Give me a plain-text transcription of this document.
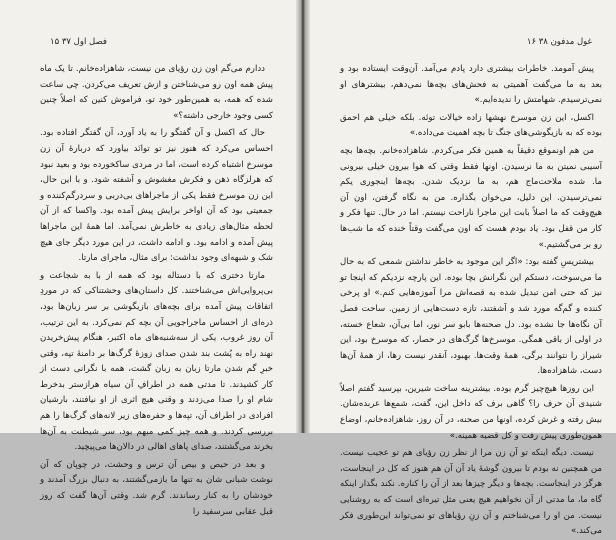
فصل اول ۳۷ ۱۵

ددارم می‌گم اون زن رؤیای من نیست، شاهزاده‌خانم. تا یک ماه پیش همه اون رو می‌شناختن و ازش تعریف می‌کردن. چی ساعت شده که همه، به همین‌طور خود تو، فراموش کنین که اصلاً چنین کسی وجود خارجی داشته؟»

حال که اکسل و آن گفتگو را به یاد آورد، آن گفتگر افتاده بود. احساس می‌کرد که هنوز نیز تو توانَد بیاورد که دربارهٔ آن زن موسرخ اشتباه کرده است، اما در مردی ساکخورده بود و بعید نبود که هرلزگاه ذهن و فکرش مغشوش و آشفته شود. و با این حال، این زن موسرخ فقط یکی از ماجراهای بی‌دربی و سردرگم‌کننده و جمعیتی بود که آن اواخر برایش پیش آمده بود. واکسا که از آن لحظه مثال‌های زیادی به خاطرش نمی‌آمد. اما همهٔ این ماجراها پیش آمده و ادامه بود. و ادامه داشت، در این مورد دیگر جای هیچ شک و شبهه‌ای وجود نداشت: برای مثال، ماجرای مارتا.

مارتا دختری که با دستاله بود که همه از با به شجاعت و بی‌پروایی‌اش می‌شناختند. کل داستان‌های وحشتناکی که در موردِ اتفاقات پیش آمده برای بچه‌های بازیگوشی بر سر زبان‌ها بود، ذره‌ای از احساس ماجراجویی آن بچه کم نمی‌کرد. به این ترتیب، آن روز غروب، یکی از سه‌شنبه‌های ماه اکتبر، هنگام پیش‌خریدن نهند راه به پُشت بند شدن صدای زوزهٔ گرگ‌ها بر دامنهٔ تپه، وقتی خبرِ گم شدن مارتا زبان به زبان گشت، همه با نگرانی دست از کار کشیدند. تا مدتی همه در اطرافِ آن سیاه هرازستر بدخرط شام او را صدا می‌زدند و وقتی هیچ اثری از او نیافتند، بارشیان افرادی در اطراف آن، تپه‌ها و حفره‌های زیر لانه‌های گرگ‌ها را هم بررسی کردند. و همه چیز کمی مبهم بود، سر شیطنت به آن‌ها بخرند می‌گشتند، صدای پاهای اهالی در دالان‌ها می‌پیچید.

و بعد در حیص و بیص آن ترس و وحشت، در چوپان که آن نوشت شبانی شان به تنها ما بازمی‌گشتند، به دنبال بزرگ آمدند و خودشان را به کنار رساندند. گرم شد. وقتی آن‌ها گفت که روز قبل عقابی سرسفید را

۱۶ ۳۸ غول مدفون

پیش آمومد. خاطرات بیشتری دارد پادم می‌آمد. آن‌وقت ایستاده بود و بعد به ما می‌گفت آهمیتی به فحش‌های بچه‌ها نمی‌دهم، بیشترهای او نمی‌ترسیدم. شهامتش را ندیده‌ایم.»

اکسل، این زن موسرخ نهشها زاده خیالات توئه. بلکه خیلی هم احمق بوده که به بازیگوشی‌های جنگ تا بچه اهمیت می‌داده.»

من هم اونموقع دقیقاً به همین فکر می‌کردم. شاهزاده‌خانم. بچه‌ها بچه آسیبی نمیتن به ما نرسیدن. اونها فقط وقتی که هوا بیرون خیلی بیرونی ما. شده ملاحت‌ماج هم، به ما نزدیک شدن. بچه‌ها اینجوری یکم نمی‌ترسیدن. این دلیل، می‌خوان بگذاره. من به نگاه گرفتن، اون آن هیچ‌وقت که ما اصلاً بابت این ماجرا ناراحت نیستم. اما در حال. تنها فکر و کار من قفل بود. یاد بودم هست که اون می‌گفت وقتاً خنده که ما شب‌ها رو بر می‌گشتیم.»

بیشتریسِ گفته بود: «اگر این موجود به خاطر نداشتن شمعی که به حال ما می‌سوخت، دستکم این نگرانش بچا بوده. این پارچه نزدیکم که اینجا تو نیز که حتی امن تبدیل شده به قصه‌اش مرا آموزه‌هایی کنم.» او پرخی کننده و گم‌گه مورد شد و آشفتند، تازه دست‌هایی از زمین. ساحت فصل آن نگاه‌ها جا نشده بود. دل صحنه‌ها بابو سر نور، اما بی‌آن، شعاع خسته، در اولی از باقی همگی. موسرخ‌ها گرگ‌های در حصار، که موسرخ بود، این شیراز را نتوانند برگی، همهٔ وقت‌ها. بهبود، آنقدر نیست رها، از همهٔ آن‌ها دست، شاهزاده‌ها.

این روزها هیچ‌چیز گرم بوده. بیشترینه ساخت شیرین، بپرسید گفتم اصلاً شنیدی آن حرف را؟ گاهی برف که داخل این، گفت، شمع‌ها عربده‌شان. بیش رفته و غرش کرده، اونها من صحنه، در آن روز، شاهزاده‌خانم، اوضاع همون‌طوری پیش رفت و کل قضیه همینه.»

نیست. دیگه اینکه تو آن زن مرا از نظر زن رؤیای هم تو عجیب نیست. من همچنین نه بودم تا بیرون گوشهٔ یاد آن آن هم هنوز که کل در اینجاست، هرگز در اینجاست. بچه‌ها و دیگر چیزها بعد از آن را کناره. نکند بگذار اینکه گاه ما، ما مدتی از آن نخواهیم هیچ یعنی مثل تیره‌ای است که به روشنایی نیست. من او را می‌شناختم و آن زنِ رؤیاهای تو نمی‌تواند این‌طوری فکر می‌کند.»
